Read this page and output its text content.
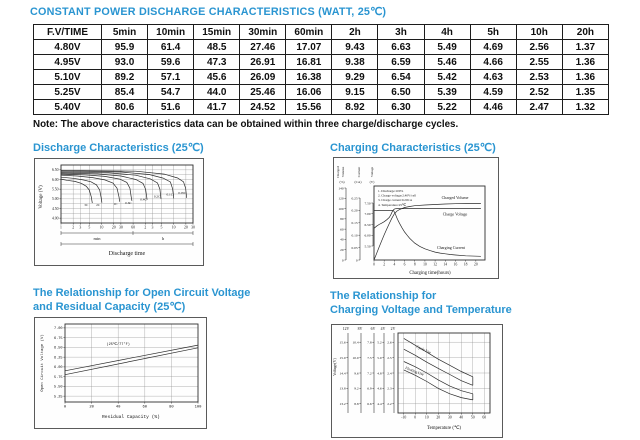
CONSTANT POWER DISCHARGE CHARACTERISTICS (WATT, 25℃)
F.V/TIME	5min	10min	15min	30min	60min	2h	3h	4h	5h	10h	20h
4.80V	95.9	61.4	48.5	27.46	17.07	9.43	6.63	5.49	4.69	2.56	1.37
4.95V	93.0	59.6	47.3	26.91	16.81	9.38	6.59	5.46	4.66	2.55	1.36
5.10V	89.2	57.1	45.6	26.09	16.38	9.29	6.54	5.42	4.63	2.53	1.36
5.25V	85.4	54.7	44.0	25.46	16.06	9.15	6.50	5.39	4.59	2.52	1.35
5.40V	80.6	51.6	41.7	24.52	15.56	8.92	6.30	5.22	4.46	2.47	1.32
Note: The above characteristics data can be obtained within three charge/discharge cycles.
Discharge Characteristics (25℃)
1	2 3 5 10 20 30 60 2 3 5 10 20 30
4.00
4.50
5.00
5.50
6.00
6.50
Voltage (V)
min	h
Discharge time
3C 2C	1C 0.6C
0.4C
0.2C 0.1C 0.05C
Charging Characteristics (25℃)
0 2 4 6 8 10 12 14 16 18 20
0
20
40
60
80
100
120
140
0
0.05
0.10
0.15
0.20
0.25
5.50
6.00
6.50
7.00
7.50
Charged Volume	Current	Voltage
(%)	(CA) (V)
1. Discharge:100%
2. Charge voltage:2.40V/cell
3. Charge current:0.20CA
4. Temperature:25℃
Charged Volume
Charge Voltage
Charging Current
Charging time(hours)
The Relationship for Open Circuit Voltage
and Residual Capacity (25℃)
0	20	40	60	80	100
5.25
5.50
5.75
6.00
6.25
6.50
6.75
7.00
Open Circuit Voltage (V)
Residual Capacity (%)
(25℃/77°F)
The Relationship for
Charging Voltage and Temperature
-10 0 10 20 30 40 50 60
13.2
13.8
14.4
15.0
15.6
8.8
9.2
9.6
10.0
10.4
6.6
6.9
7.2
7.5
7.8
4.4
4.6
4.8
5.0
5.2
2.2
2.3
2.4
2.5
2.6
12V 8V 6V 4V 2V
Voltage(V)
Cycle Use
Floating Use
Temperature (℃)
